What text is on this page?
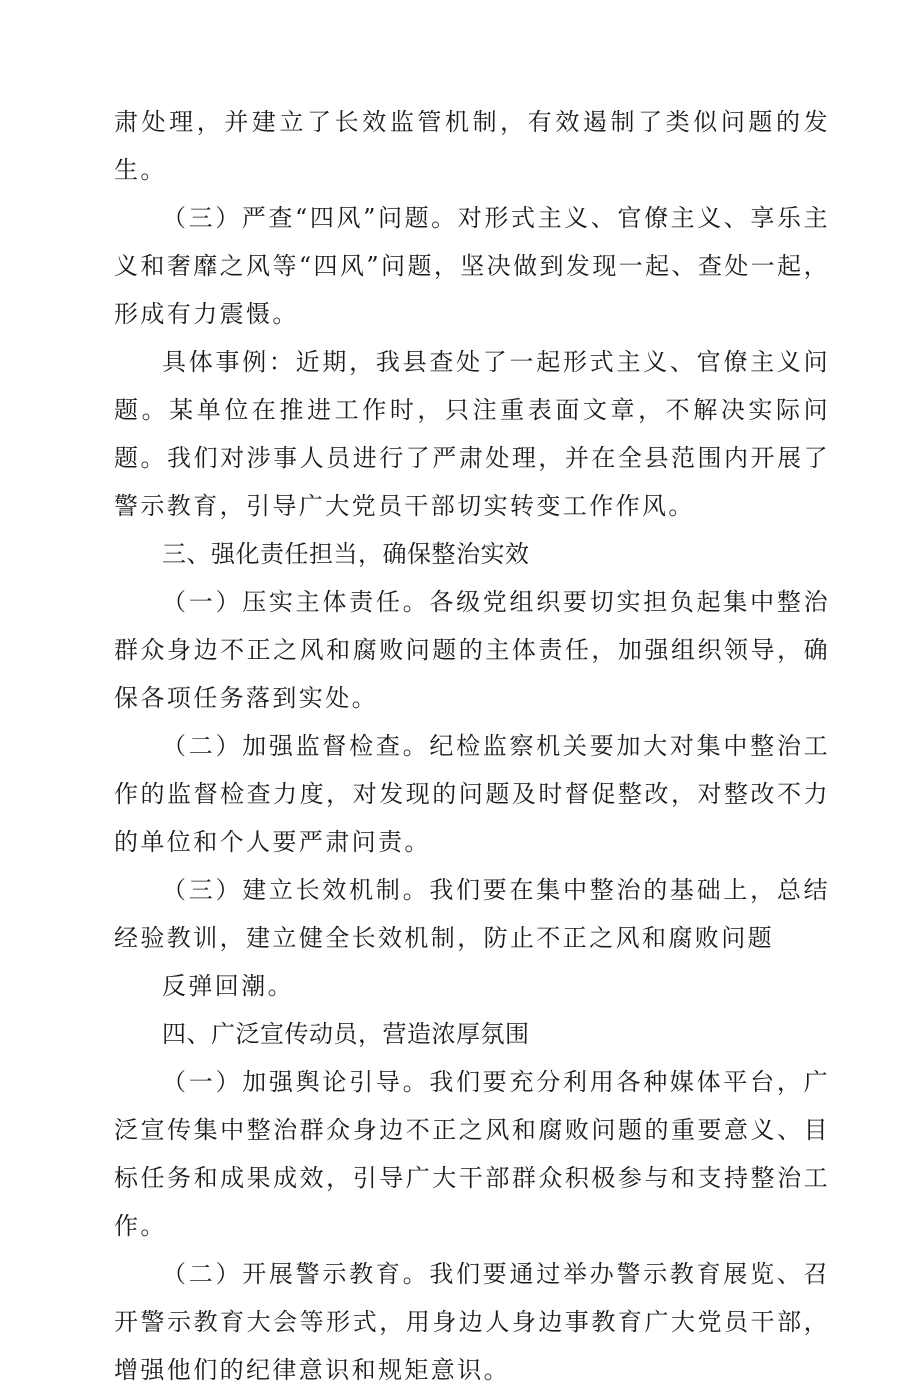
肃处理，并建立了长效监管机制，有效遏制了类似问题的发生。

（三）严查“四风”问题。对形式主义、官僚主义、享乐主义和奢靡之风等“四风”问题，坚决做到发现一起、查处一起，形成有力震慑。

具体事例：近期，我县查处了一起形式主义、官僚主义问题。某单位在推进工作时，只注重表面文章，不解决实际问题。我们对涉事人员进行了严肃处理，并在全县范围内开展了警示教育，引导广大党员干部切实转变工作作风。

三、强化责任担当，确保整治实效

（一）压实主体责任。各级党组织要切实担负起集中整治群众身边不正之风和腐败问题的主体责任，加强组织领导，确保各项任务落到实处。

（二）加强监督检查。纪检监察机关要加大对集中整治工作的监督检查力度，对发现的问题及时督促整改，对整改不力的单位和个人要严肃问责。

（三）建立长效机制。我们要在集中整治的基础上，总结经验教训，建立健全长效机制，防止不正之风和腐败问题

反弹回潮。

四、广泛宣传动员，营造浓厚氛围

（一）加强舆论引导。我们要充分利用各种媒体平台，广泛宣传集中整治群众身边不正之风和腐败问题的重要意义、目标任务和成果成效，引导广大干部群众积极参与和支持整治工作。

（二）开展警示教育。我们要通过举办警示教育展览、召开警示教育大会等形式，用身边人身边事教育广大党员干部，增强他们的纪律意识和规矩意识。
